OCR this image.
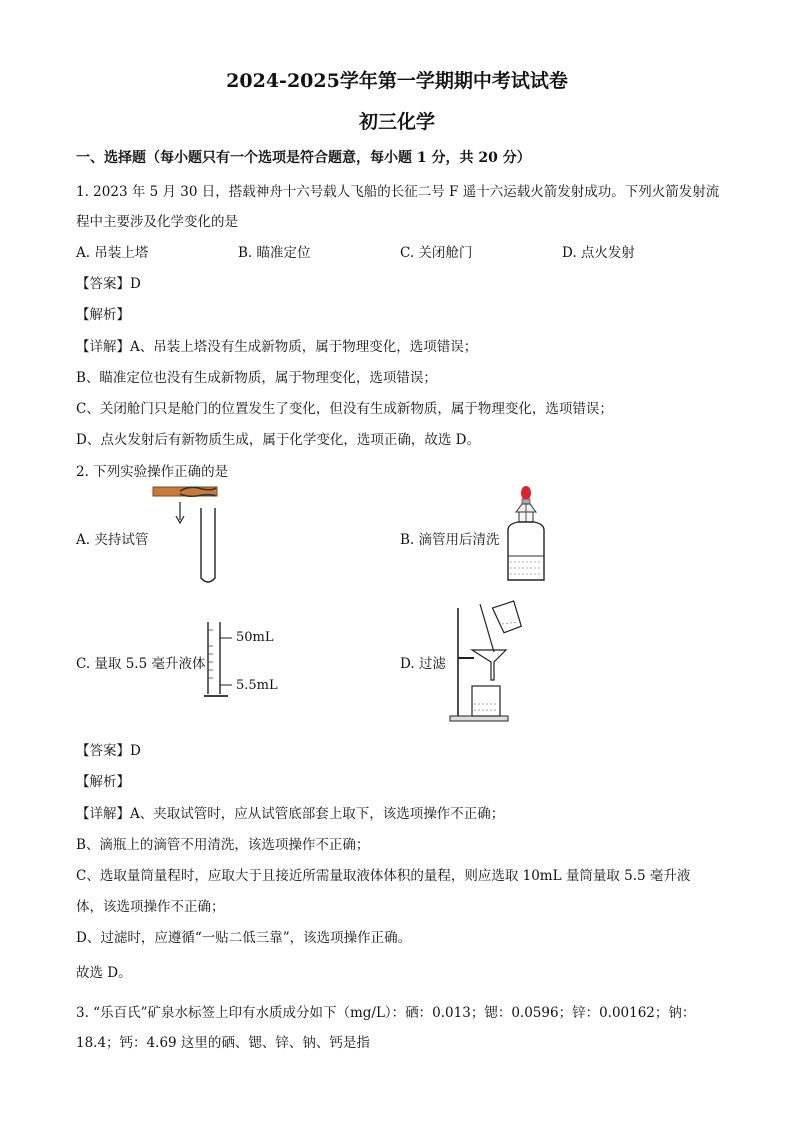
2024-2025学年第一学期期中考试试卷
初三化学
一、选择题（每小题只有一个选项是符合题意，每小题 1 分，共 20 分）
1. 2023 年 5 月 30 日，搭载神舟十六号载人飞船的长征二号 F 遥十六运载火箭发射成功。下列火箭发射流
程中主要涉及化学变化的是
A. 吊装上塔	B. 瞄准定位	C. 关闭舱门	D. 点火发射
【答案】D
【解析】
【详解】A、吊装上塔没有生成新物质，属于物理变化，选项错误；
B、瞄准定位也没有生成新物质，属于物理变化，选项错误；
C、关闭舱门只是舱门的位置发生了变化，但没有生成新物质，属于物理变化，选项错误；
D、点火发射后有新物质生成，属于化学变化，选项正确，故选 D。
2. 下列实验操作正确的是
A. 夹持试管	B. 滴管用后清洗
C. 量取 5.5 毫升液体	D. 过滤
50mL
5.5mL
【答案】D
【解析】
【详解】A、夹取试管时，应从试管底部套上取下，该选项操作不正确；
B、滴瓶上的滴管不用清洗，该选项操作不正确；
C、选取量筒量程时，应取大于且接近所需量取液体体积的量程，则应选取 10mL 量筒量取 5.5 毫升液
体，该选项操作不正确；
D、过滤时，应遵循“一贴二低三靠”，该选项操作正确。
故选 D。
3. “乐百氏”矿泉水标签上印有水质成分如下（mg/L）：硒：0.013；锶：0.0596；锌：0.00162；钠：
18.4；钙：4.69 这里的硒、锶、锌、钠、钙是指
